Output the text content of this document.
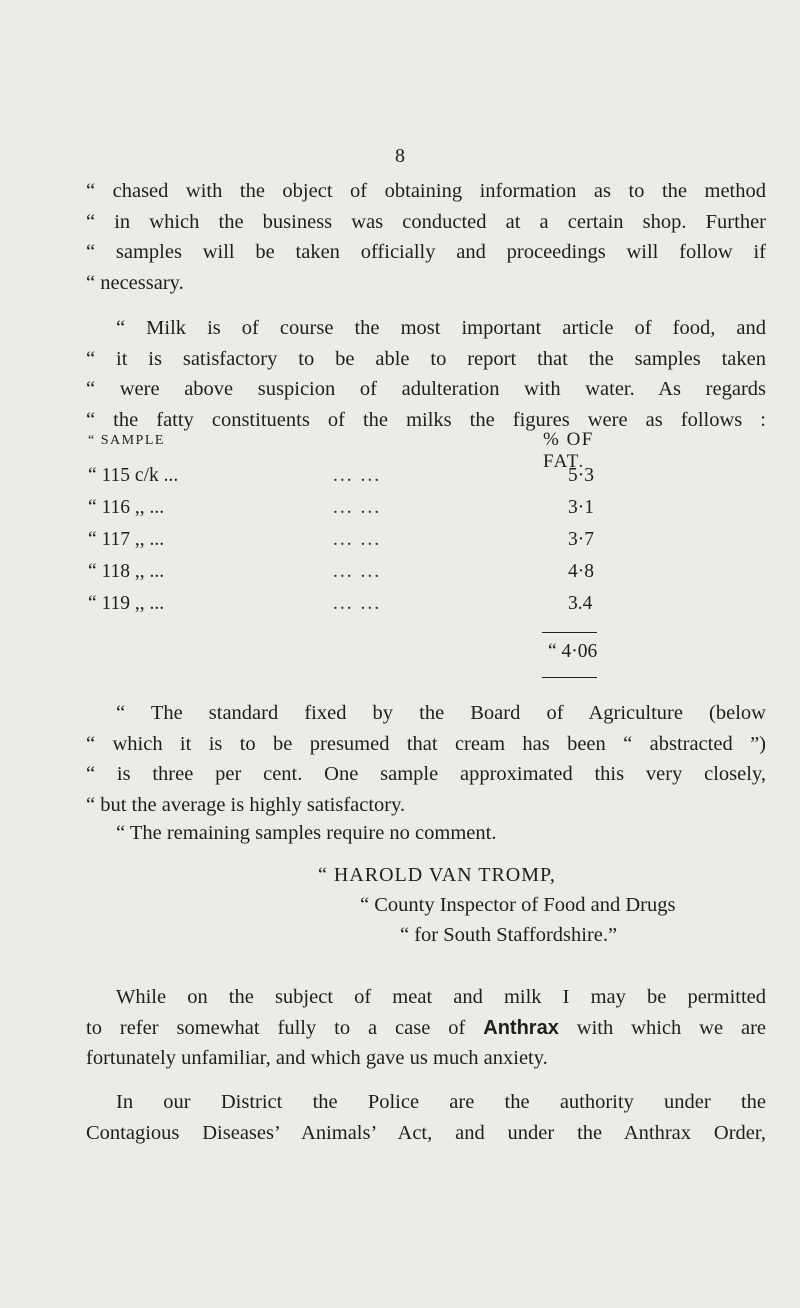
8
“ chased with the object of obtaining information as to the method
“ in which the business was conducted at a certain shop. Further
“ samples will be taken officially and proceedings will follow if
“ necessary.
“ Milk is of course the most important article of food, and
“ it is satisfactory to be able to report that the samples taken
“ were above suspicion of adulteration with water. As regards
“ the fatty constituents of the milks the figures were as follows :
“ SAMPLE	% OF FAT.
“ 115 c/k ...	... ...	5·3
“ 116 ,, ...	... ...	3·1
“ 117 ,, ...	... ...	3·7
“ 118 ,, ...	... ...	4·8
“ 119 ,, ...	... ...	3.4
“ 4·06
“ The standard fixed by the Board of Agriculture (below
“ which it is to be presumed that cream has been “ abstracted ”)
“ is three per cent. One sample approximated this very closely,
“ but the average is highly satisfactory.
“ The remaining samples require no comment.
“ HAROLD VAN TROMP,
“ County Inspector of Food and Drugs
“ for South Staffordshire.”
While on the subject of meat and milk I may be permitted
to refer somewhat fully to a case of Anthrax with which we are
fortunately unfamiliar, and which gave us much anxiety.
In our District the Police are the authority under the
Contagious Diseases’ Animals’ Act, and under the Anthrax Order,
